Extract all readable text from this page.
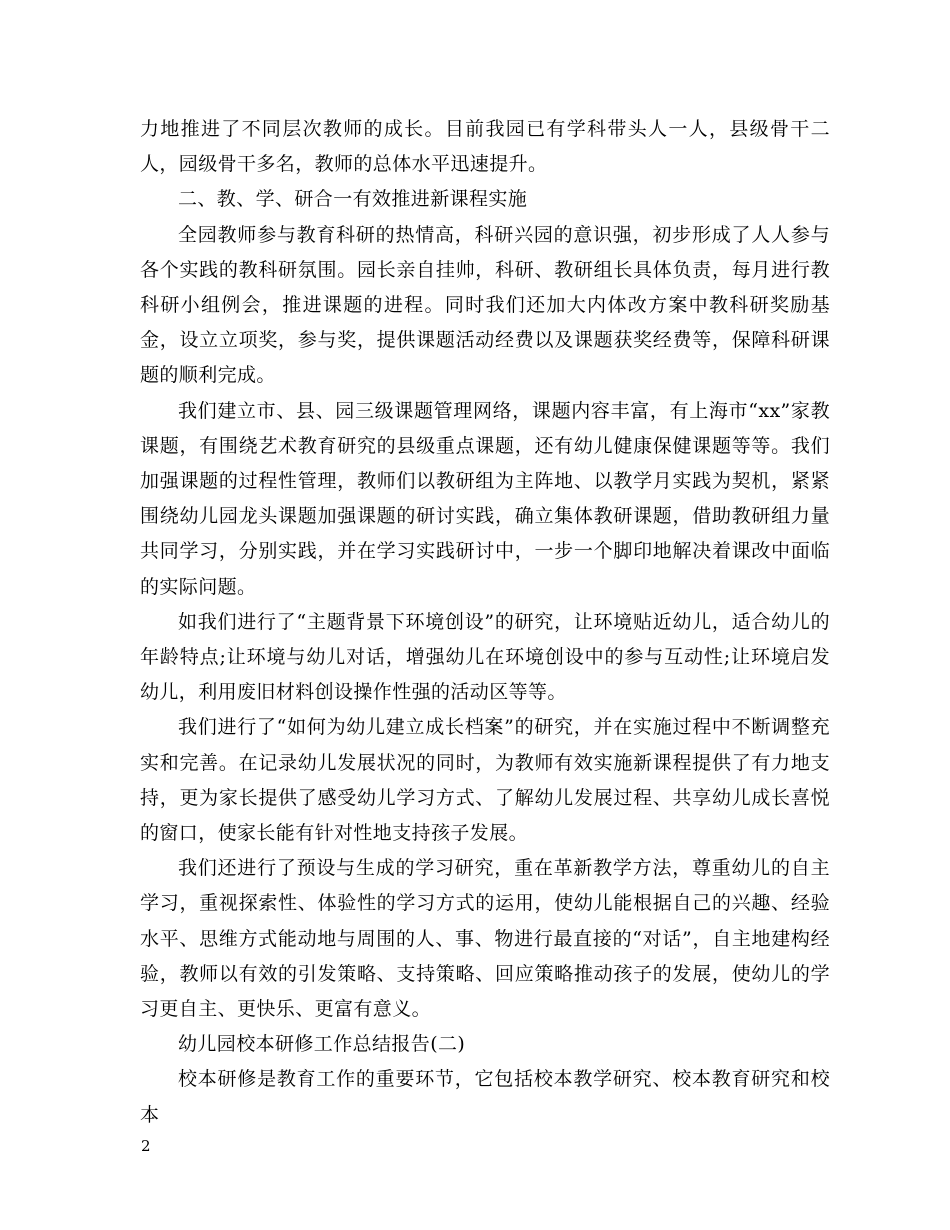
力地推进了不同层次教师的成长。目前我园已有学科带头人一人，县级骨干二人，园级骨干多名，教师的总体水平迅速提升。

二、教、学、研合一有效推进新课程实施

全园教师参与教育科研的热情高，科研兴园的意识强，初步形成了人人参与各个实践的教科研氛围。园长亲自挂帅，科研、教研组长具体负责，每月进行教科研小组例会，推进课题的进程。同时我们还加大内体改方案中教科研奖励基金，设立立项奖，参与奖，提供课题活动经费以及课题获奖经费等，保障科研课题的顺利完成。

我们建立市、县、园三级课题管理网络，课题内容丰富，有上海市“xx”家教课题，有围绕艺术教育研究的县级重点课题，还有幼儿健康保健课题等等。我们加强课题的过程性管理，教师们以教研组为主阵地、以教学月实践为契机，紧紧围绕幼儿园龙头课题加强课题的研讨实践，确立集体教研课题，借助教研组力量共同学习，分别实践，并在学习实践研讨中，一步一个脚印地解决着课改中面临的实际问题。

如我们进行了“主题背景下环境创设”的研究，让环境贴近幼儿，适合幼儿的年龄特点;让环境与幼儿对话，增强幼儿在环境创设中的参与互动性;让环境启发幼儿，利用废旧材料创设操作性强的活动区等等。

我们进行了“如何为幼儿建立成长档案”的研究，并在实施过程中不断调整充实和完善。在记录幼儿发展状况的同时，为教师有效实施新课程提供了有力地支持，更为家长提供了感受幼儿学习方式、了解幼儿发展过程、共享幼儿成长喜悦的窗口，使家长能有针对性地支持孩子发展。

我们还进行了预设与生成的学习研究，重在革新教学方法，尊重幼儿的自主学习，重视探索性、体验性的学习方式的运用，使幼儿能根据自己的兴趣、经验水平、思维方式能动地与周围的人、事、物进行最直接的“对话”，自主地建构经验，教师以有效的引发策略、支持策略、回应策略推动孩子的发展，使幼儿的学习更自主、更快乐、更富有意义。

幼儿园校本研修工作总结报告(二)

校本研修是教育工作的重要环节，它包括校本教学研究、校本教育研究和校本

2
